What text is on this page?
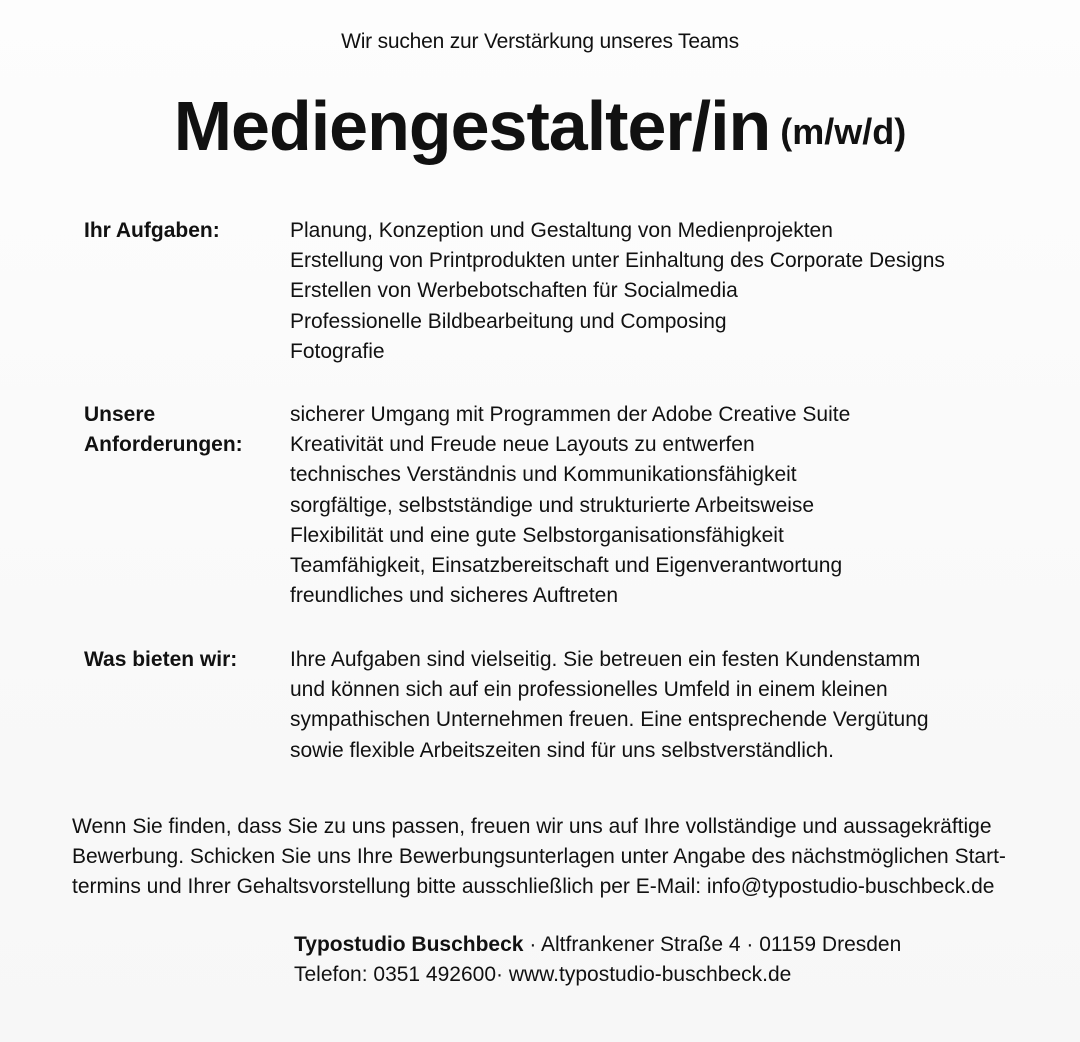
Wir suchen zur Verstärkung unseres Teams
Mediengestalter/in (m/w/d)
Ihr Aufgaben:	Planung, Konzeption und Gestaltung von Medienprojekten
Erstellung von Printprodukten unter Einhaltung des Corporate Designs
Erstellen von Werbebotschaften für Socialmedia
Professionelle Bildbearbeitung und Composing
Fotografie
Unsere
Anforderungen:
sicherer Umgang mit Programmen der Adobe Creative Suite
Kreativität und Freude neue Layouts zu entwerfen
technisches Verständnis und Kommunikationsfähigkeit
sorgfältige, selbstständige und strukturierte Arbeitsweise
Flexibilität und eine gute Selbstorganisationsfähigkeit
Teamfähigkeit, Einsatzbereitschaft und Eigenverantwortung
freundliches und sicheres Auftreten
Was bieten wir:	Ihre Aufgaben sind vielseitig. Sie betreuen ein festen Kundenstamm
und können sich auf ein professionelles Umfeld in einem kleinen
sympathischen Unternehmen freuen. Eine entsprechende Vergütung
sowie flexible Arbeitszeiten sind für uns selbstverständlich.
Wenn Sie finden, dass Sie zu uns passen, freuen wir uns auf Ihre vollständige und aussagekräftige
Bewerbung. Schicken Sie uns Ihre Bewerbungsunterlagen unter Angabe des nächstmöglichen Start-
termins und Ihrer Gehaltsvorstellung bitte ausschließlich per E-Mail: info@typostudio-buschbeck.de
Typostudio Buschbeck · Altfrankener Straße 4 · 01159 Dresden
Telefon: 0351 492600· www.typostudio-buschbeck.de
